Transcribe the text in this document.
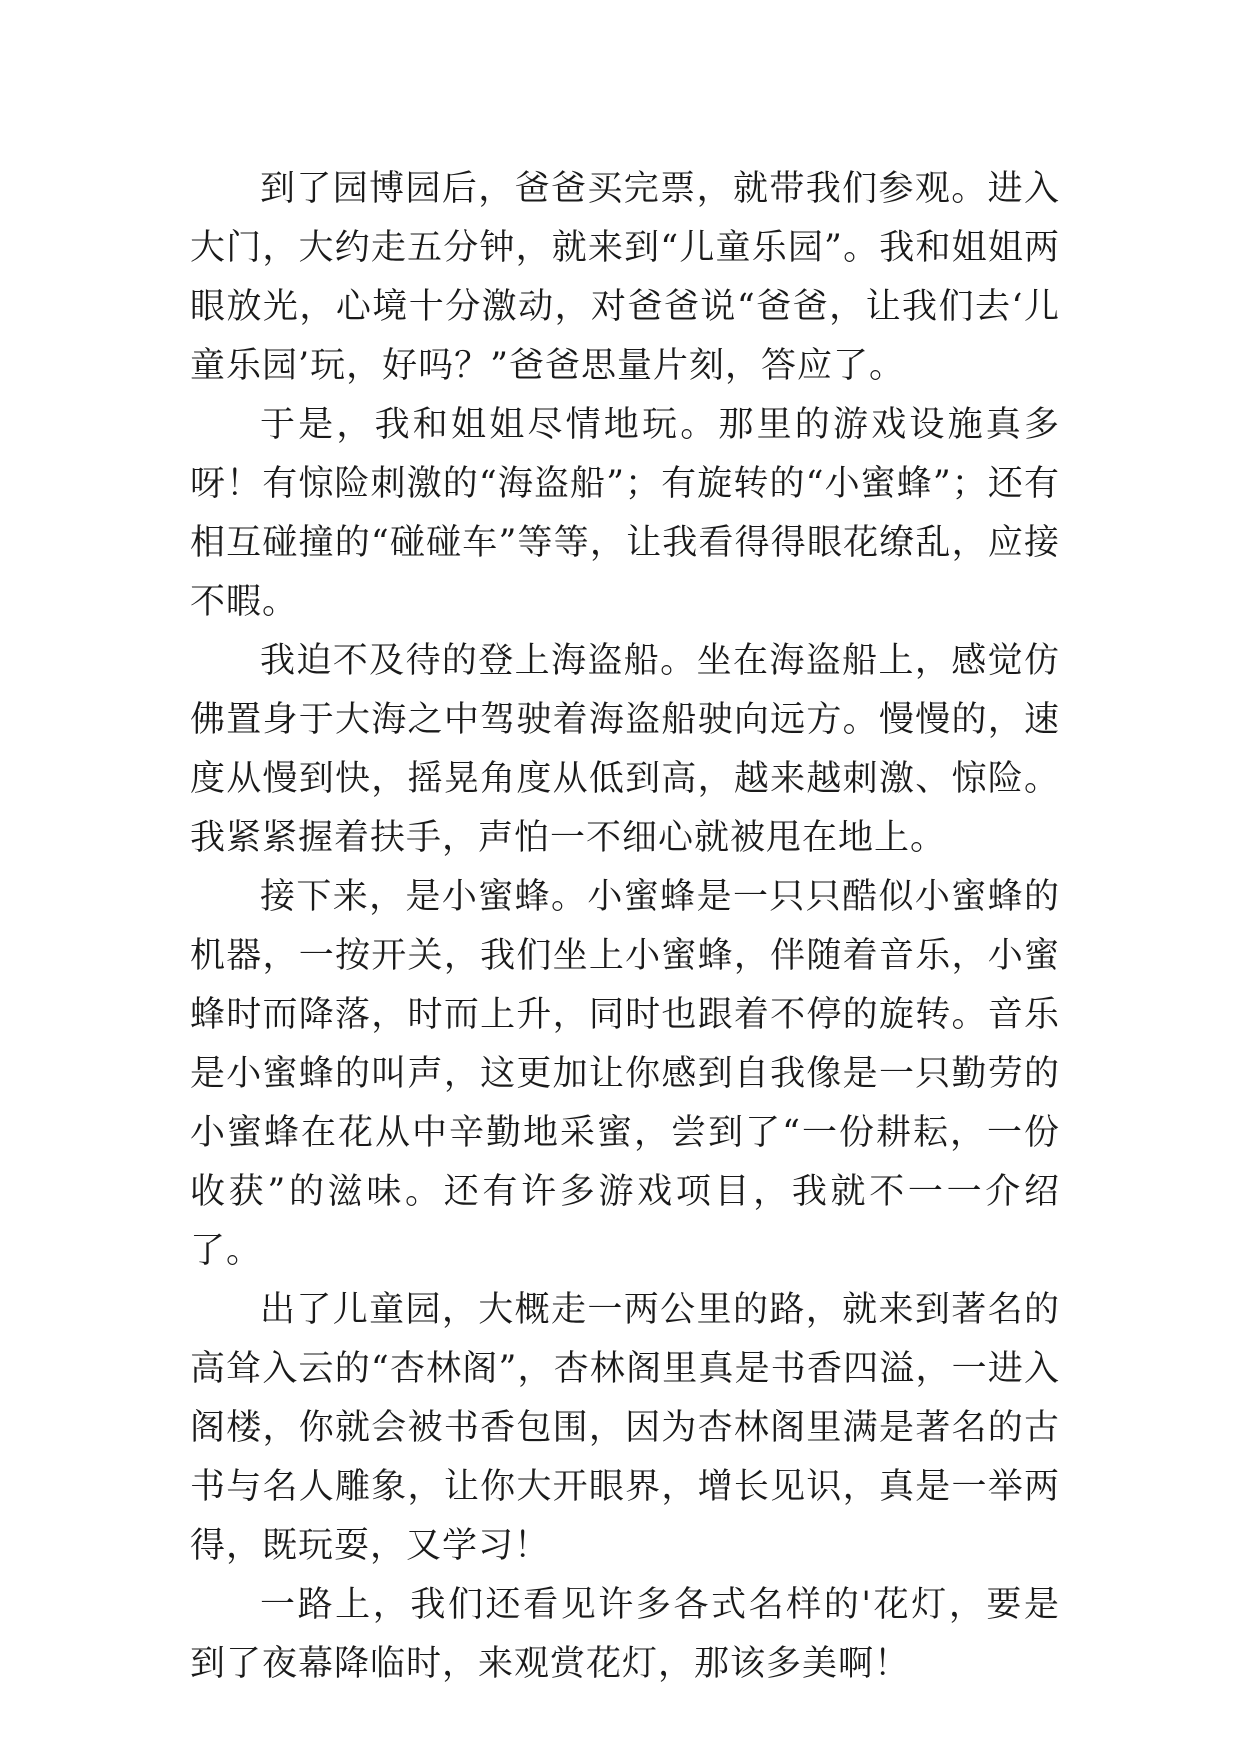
到了园博园后，爸爸买完票，就带我们参观。进入大门，大约走五分钟，就来到“儿童乐园”。我和姐姐两眼放光，心境十分激动，对爸爸说“爸爸，让我们去‘儿童乐园’玩，好吗？”爸爸思量片刻，答应了。

于是，我和姐姐尽情地玩。那里的游戏设施真多呀！有惊险刺激的“海盗船”；有旋转的“小蜜蜂”；还有相互碰撞的“碰碰车”等等，让我看得得眼花缭乱，应接不暇。

我迫不及待的登上海盗船。坐在海盗船上，感觉仿佛置身于大海之中驾驶着海盗船驶向远方。慢慢的，速度从慢到快，摇晃角度从低到高，越来越刺激、惊险。我紧紧握着扶手，声怕一不细心就被甩在地上。

接下来，是小蜜蜂。小蜜蜂是一只只酷似小蜜蜂的机器，一按开关，我们坐上小蜜蜂，伴随着音乐，小蜜蜂时而降落，时而上升，同时也跟着不停的旋转。音乐是小蜜蜂的叫声，这更加让你感到自我像是一只勤劳的小蜜蜂在花从中辛勤地采蜜，尝到了“一份耕耘，一份收获”的滋味。还有许多游戏项目，我就不一一介绍了。

出了儿童园，大概走一两公里的路，就来到著名的高耸入云的“杏林阁”，杏林阁里真是书香四溢，一进入阁楼，你就会被书香包围，因为杏林阁里满是著名的古书与名人雕象，让你大开眼界，增长见识，真是一举两得，既玩耍，又学习！

一路上，我们还看见许多各式名样的'花灯，要是到了夜幕降临时，来观赏花灯，那该多美啊！
